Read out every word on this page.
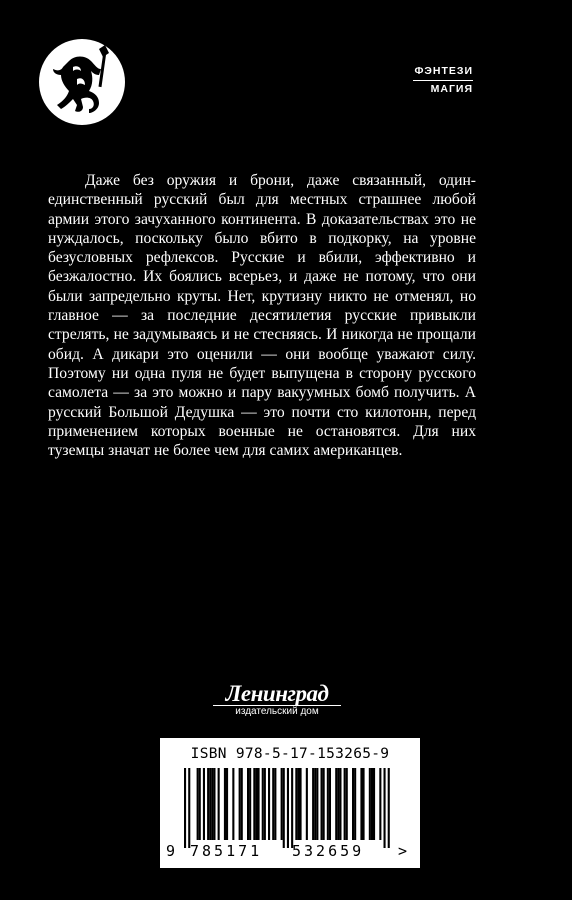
ФЭНТЕЗИ
МАГИЯ

Даже без оружия и брони, даже связанный, один-единственный русский был для местных страшнее любой армии этого зачуханного континента. В доказательствах это не нуждалось, поскольку было вбито в подкорку, на уровне безусловных рефлексов. Русские и вбили, эффективно и безжалостно. Их боялись всерьез, и даже не потому, что они были запредельно круты. Нет, крутизну никто не отменял, но главное — за последние десятилетия русские привыкли стрелять, не задумываясь и не стесняясь. И никогда не прощали обид. А дикари это оценили — они вообще уважают силу. Поэтому ни одна пуля не будет выпущена в сторону русского самолета — за это можно и пару вакуумных бомб получить. А русский Большой Дедушка — это почти сто килотонн, перед применением которых военные не остановятся. Для них туземцы значат не более чем для самих американцев.

Ленинград
издательский дом
ISBN 978-5-17-153265-9
9 785171 532659 >
